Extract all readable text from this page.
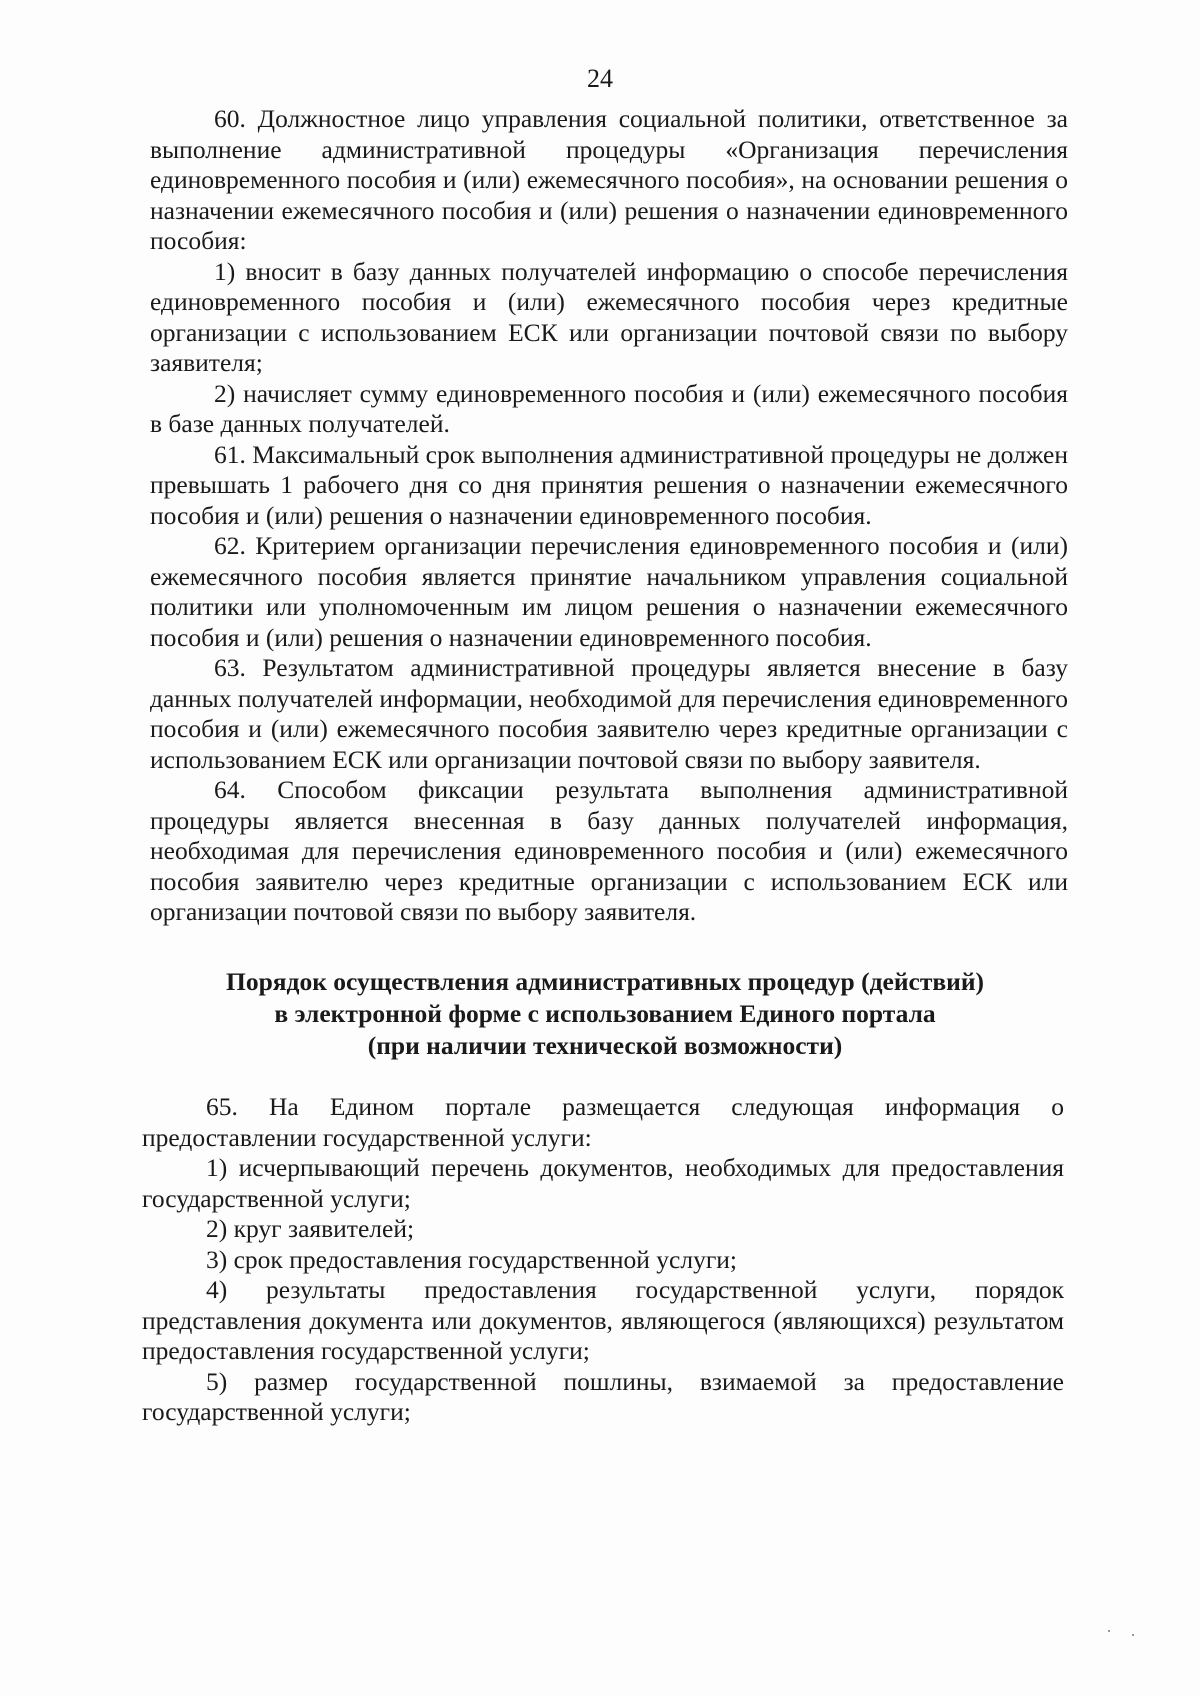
24

60. Должностное лицо управления социальной политики, ответственное за выполнение административной процедуры «Организация перечисления единовременного пособия и (или) ежемесячного пособия», на основании решения о назначении ежемесячного пособия и (или) решения о назначении единовременного пособия:

1) вносит в базу данных получателей информацию о способе перечисления единовременного пособия и (или) ежемесячного пособия через кредитные организации с использованием ЕСК или организации почтовой связи по выбору заявителя;

2) начисляет сумму единовременного пособия и (или) ежемесячного пособия в базе данных получателей.

61. Максимальный срок выполнения административной процедуры не должен превышать 1 рабочего дня со дня принятия решения о назначении ежемесячного пособия и (или) решения о назначении единовременного пособия.

62. Критерием организации перечисления единовременного пособия и (или) ежемесячного пособия является принятие начальником управления социальной политики или уполномоченным им лицом решения о назначении ежемесячного пособия и (или) решения о назначении единовременного пособия.

63. Результатом административной процедуры является внесение в базу данных получателей информации, необходимой для перечисления единовременного пособия и (или) ежемесячного пособия заявителю через кредитные организации с использованием ЕСК или организации почтовой связи по выбору заявителя.

64. Способом фиксации результата выполнения административной процедуры является внесенная в базу данных получателей информация, необходимая для перечисления единовременного пособия и (или) ежемесячного пособия заявителю через кредитные организации с использованием ЕСК или организации почтовой связи по выбору заявителя.

Порядок осуществления административных процедур (действий)
в электронной форме с использованием Единого портала
(при наличии технической возможности)

65. На Едином портале размещается следующая информация о предоставлении государственной услуги:

1) исчерпывающий перечень документов, необходимых для предоставления государственной услуги;

2) круг заявителей;

3) срок предоставления государственной услуги;

4) результаты предоставления государственной услуги, порядок представления документа или документов, являющегося (являющихся) результатом предоставления государственной услуги;

5) размер государственной пошлины, взимаемой за предоставление государственной услуги;
